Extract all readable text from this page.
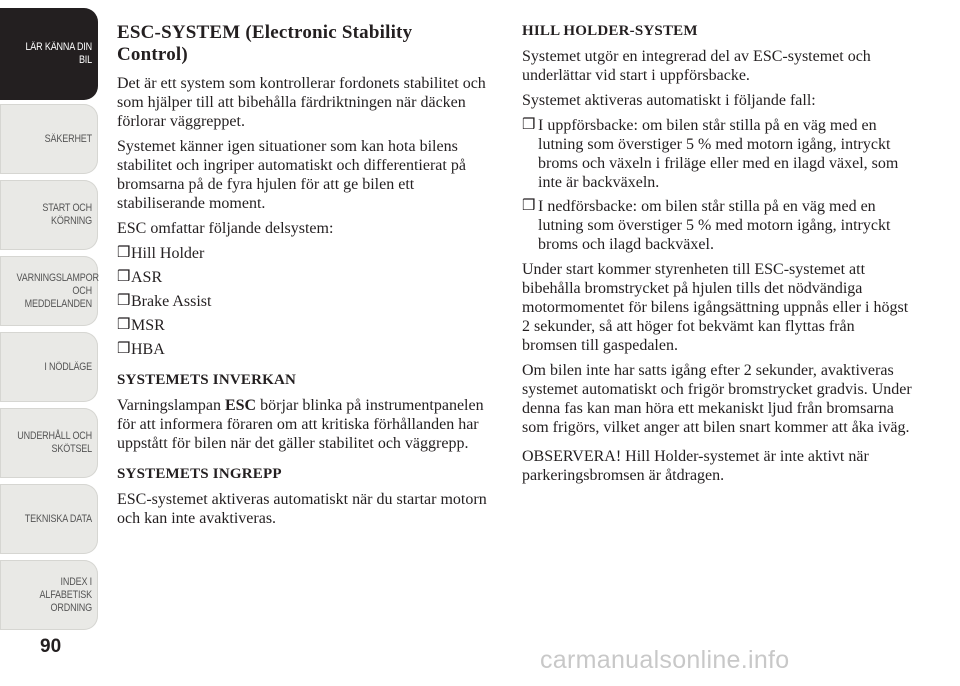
LÄR KÄNNA DIN
BIL
SÄKERHET
START OCH
KÖRNING
VARNINGSLAMPOR
OCH
MEDDELANDEN
I NÖDLÄGE
UNDERHÅLL OCH
SKÖTSEL
TEKNISKA DATA
INDEX I
ALFABETISK
ORDNING
90
ESC-SYSTEM (Electronic Stability
Control)

Det är ett system som kontrollerar fordonets stabilitet och som hjälper till att bibehålla färdriktningen när däcken förlorar väggreppet.

Systemet känner igen situationer som kan hota bilens stabilitet och ingriper automatiskt och differentierat på bromsarna på de fyra hjulen för att ge bilen ett stabiliserande moment.

ESC omfattar följande delsystem:

❒ Hill Holder
❒ ASR
❒ Brake Assist
❒ MSR
❒ HBA
SYSTEMETS INVERKAN

Varningslampan ESC börjar blinka på instrumentpanelen för att informera föraren om att kritiska förhållanden har uppstått för bilen när det gäller stabilitet och väggrepp.

SYSTEMETS INGREPP

ESC-systemet aktiveras automatiskt när du startar motorn och kan inte avaktiveras.

HILL HOLDER-SYSTEM

Systemet utgör en integrerad del av ESC-systemet och underlättar vid start i uppförsbacke.

Systemet aktiveras automatiskt i följande fall:

❒ I uppförsbacke: om bilen står stilla på en väg med en lutning som överstiger 5 % med motorn igång, intryckt broms och växeln i friläge eller med en ilagd växel, som inte är backväxeln.
❒ I nedförsbacke: om bilen står stilla på en väg med en lutning som överstiger 5 % med motorn igång, intryckt broms och ilagd backväxel.

Under start kommer styrenheten till ESC-systemet att bibehålla bromstrycket på hjulen tills det nödvändiga motormomentet för bilens igångsättning uppnås eller i högst 2 sekunder, så att höger fot bekvämt kan flyttas från bromsen till gaspedalen.

Om bilen inte har satts igång efter 2 sekunder, avaktiveras systemet automatiskt och frigör bromstrycket gradvis. Under denna fas kan man höra ett mekaniskt ljud från bromsarna som frigörs, vilket anger att bilen snart kommer att åka iväg.

OBSERVERA! Hill Holder-systemet är inte aktivt när parkeringsbromsen är åtdragen.

carmanualsonline.info
